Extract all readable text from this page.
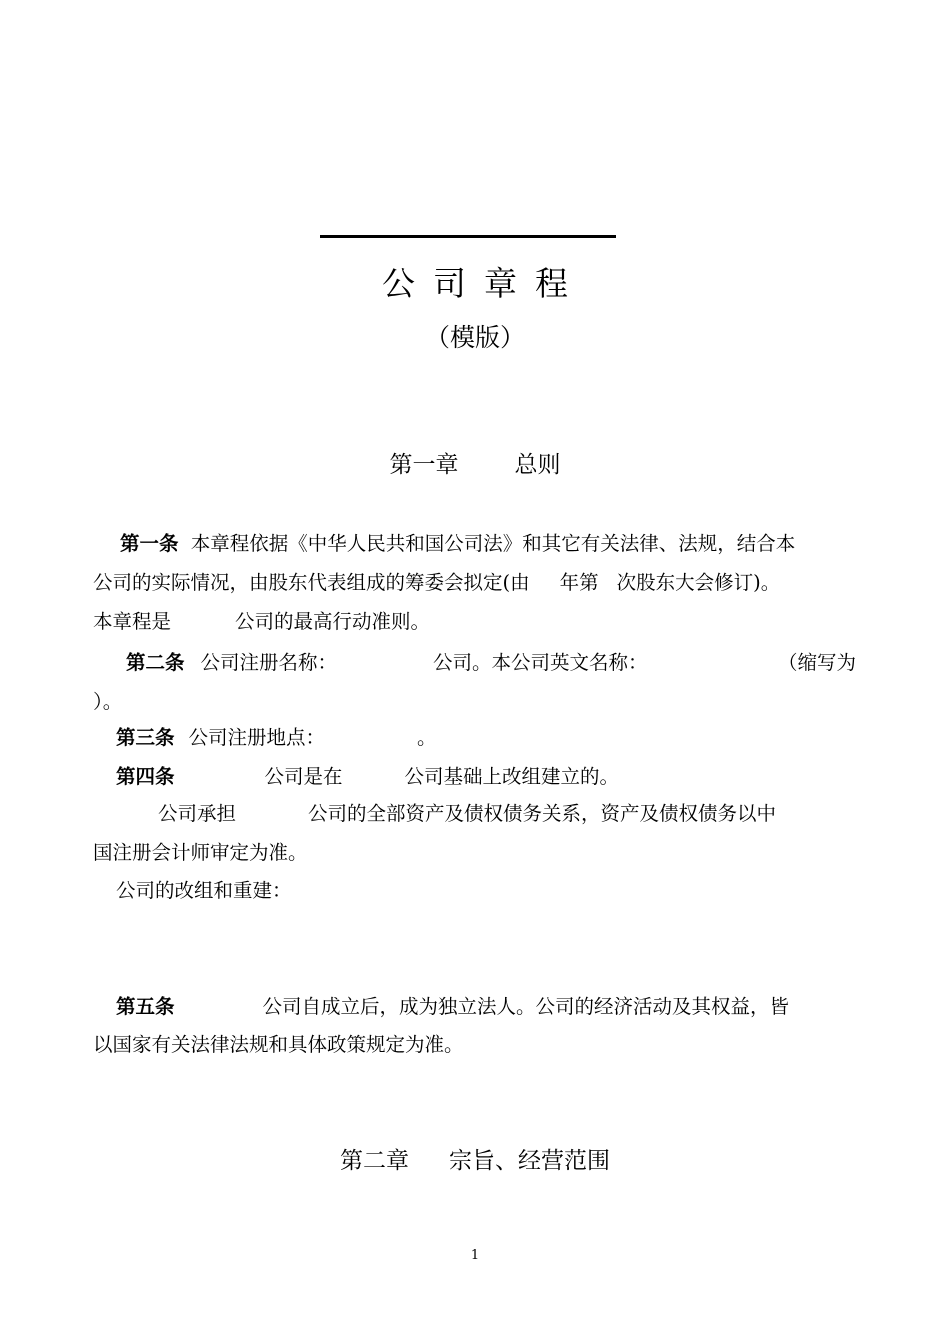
公司章程
（模版）
第一章 总则
第一条 本章程依据《中华人民共和国公司法》和其它有关法律、法规，结合本
公司的实际情况，由股东代表组成的筹委会拟定(由 年第 次股东大会修订)。
本章程是	公司的最高行动准则。
第二条 公司注册名称：	公司。本公司英文名称：	（缩写为
）。
第三条 公司注册地点：	。
第四条	公司是在	公司基础上改组建立的。
公司承担	公司的全部资产及债权债务关系，资产及债权债务以中
国注册会计师审定为准。
公司的改组和重建：
第五条	公司自成立后，成为独立法人。公司的经济活动及其权益，皆
以国家有关法律法规和具体政策规定为准。
第二章 宗旨、经营范围
1
